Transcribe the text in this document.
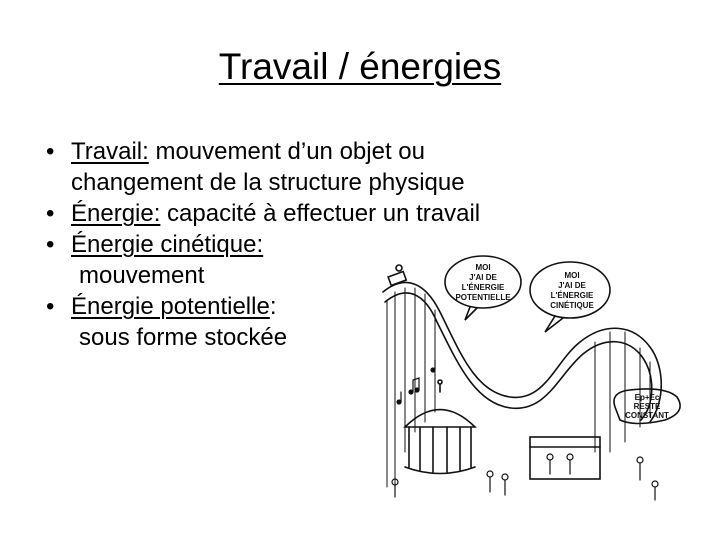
Travail / énergies
• Travail: mouvement d’un objet ou
changement de la structure physique
• Énergie: capacité à effectuer un travail
• Énergie cinétique:
mouvement
• Énergie potentielle:
sous forme stockée
MOI
J'AI DE
L'ÉNERGIE
POTENTIELLE
MOI
J'AI DE
L'ÉNERGIE
CINÉTIQUE
Ep+Ec
RESTE
CONSTANT
